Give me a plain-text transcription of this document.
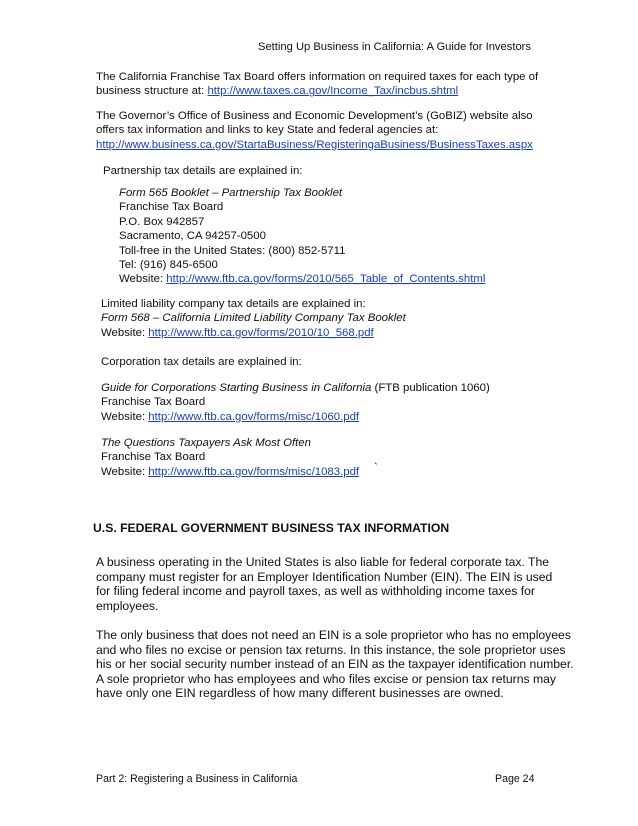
Setting Up Business in California: A Guide for Investors
The California Franchise Tax Board offers information on required taxes for each type of
business structure at: http://www.taxes.ca.gov/Income_Tax/incbus.shtml
The Governor’s Office of Business and Economic Development’s (GoBIZ) website also
offers tax information and links to key State and federal agencies at:
http://www.business.ca.gov/StartaBusiness/RegisteringaBusiness/BusinessTaxes.aspx
Partnership tax details are explained in:
Form 565 Booklet – Partnership Tax Booklet
Franchise Tax Board
P.O. Box 942857
Sacramento, CA 94257-0500
Toll-free in the United States: (800) 852-5711
Tel: (916) 845-6500
Website: http://www.ftb.ca.gov/forms/2010/565_Table_of_Contents.shtml
Limited liability company tax details are explained in:
Form 568 – California Limited Liability Company Tax Booklet
Website: http://www.ftb.ca.gov/forms/2010/10_568.pdf
Corporation tax details are explained in:
Guide for Corporations Starting Business in California (FTB publication 1060)
Franchise Tax Board
Website: http://www.ftb.ca.gov/forms/misc/1060.pdf
The Questions Taxpayers Ask Most Often
Franchise Tax Board
Website: http://www.ftb.ca.gov/forms/misc/1083.pdf `
U.S. FEDERAL GOVERNMENT BUSINESS TAX INFORMATION
A business operating in the United States is also liable for federal corporate tax. The
company must register for an Employer Identification Number (EIN). The EIN is used
for filing federal income and payroll taxes, as well as withholding income taxes for
employees.
The only business that does not need an EIN is a sole proprietor who has no employees
and who files no excise or pension tax returns. In this instance, the sole proprietor uses
his or her social security number instead of an EIN as the taxpayer identification number.
A sole proprietor who has employees and who files excise or pension tax returns may
have only one EIN regardless of how many different businesses are owned.
Part 2: Registering a Business in California	Page 24
